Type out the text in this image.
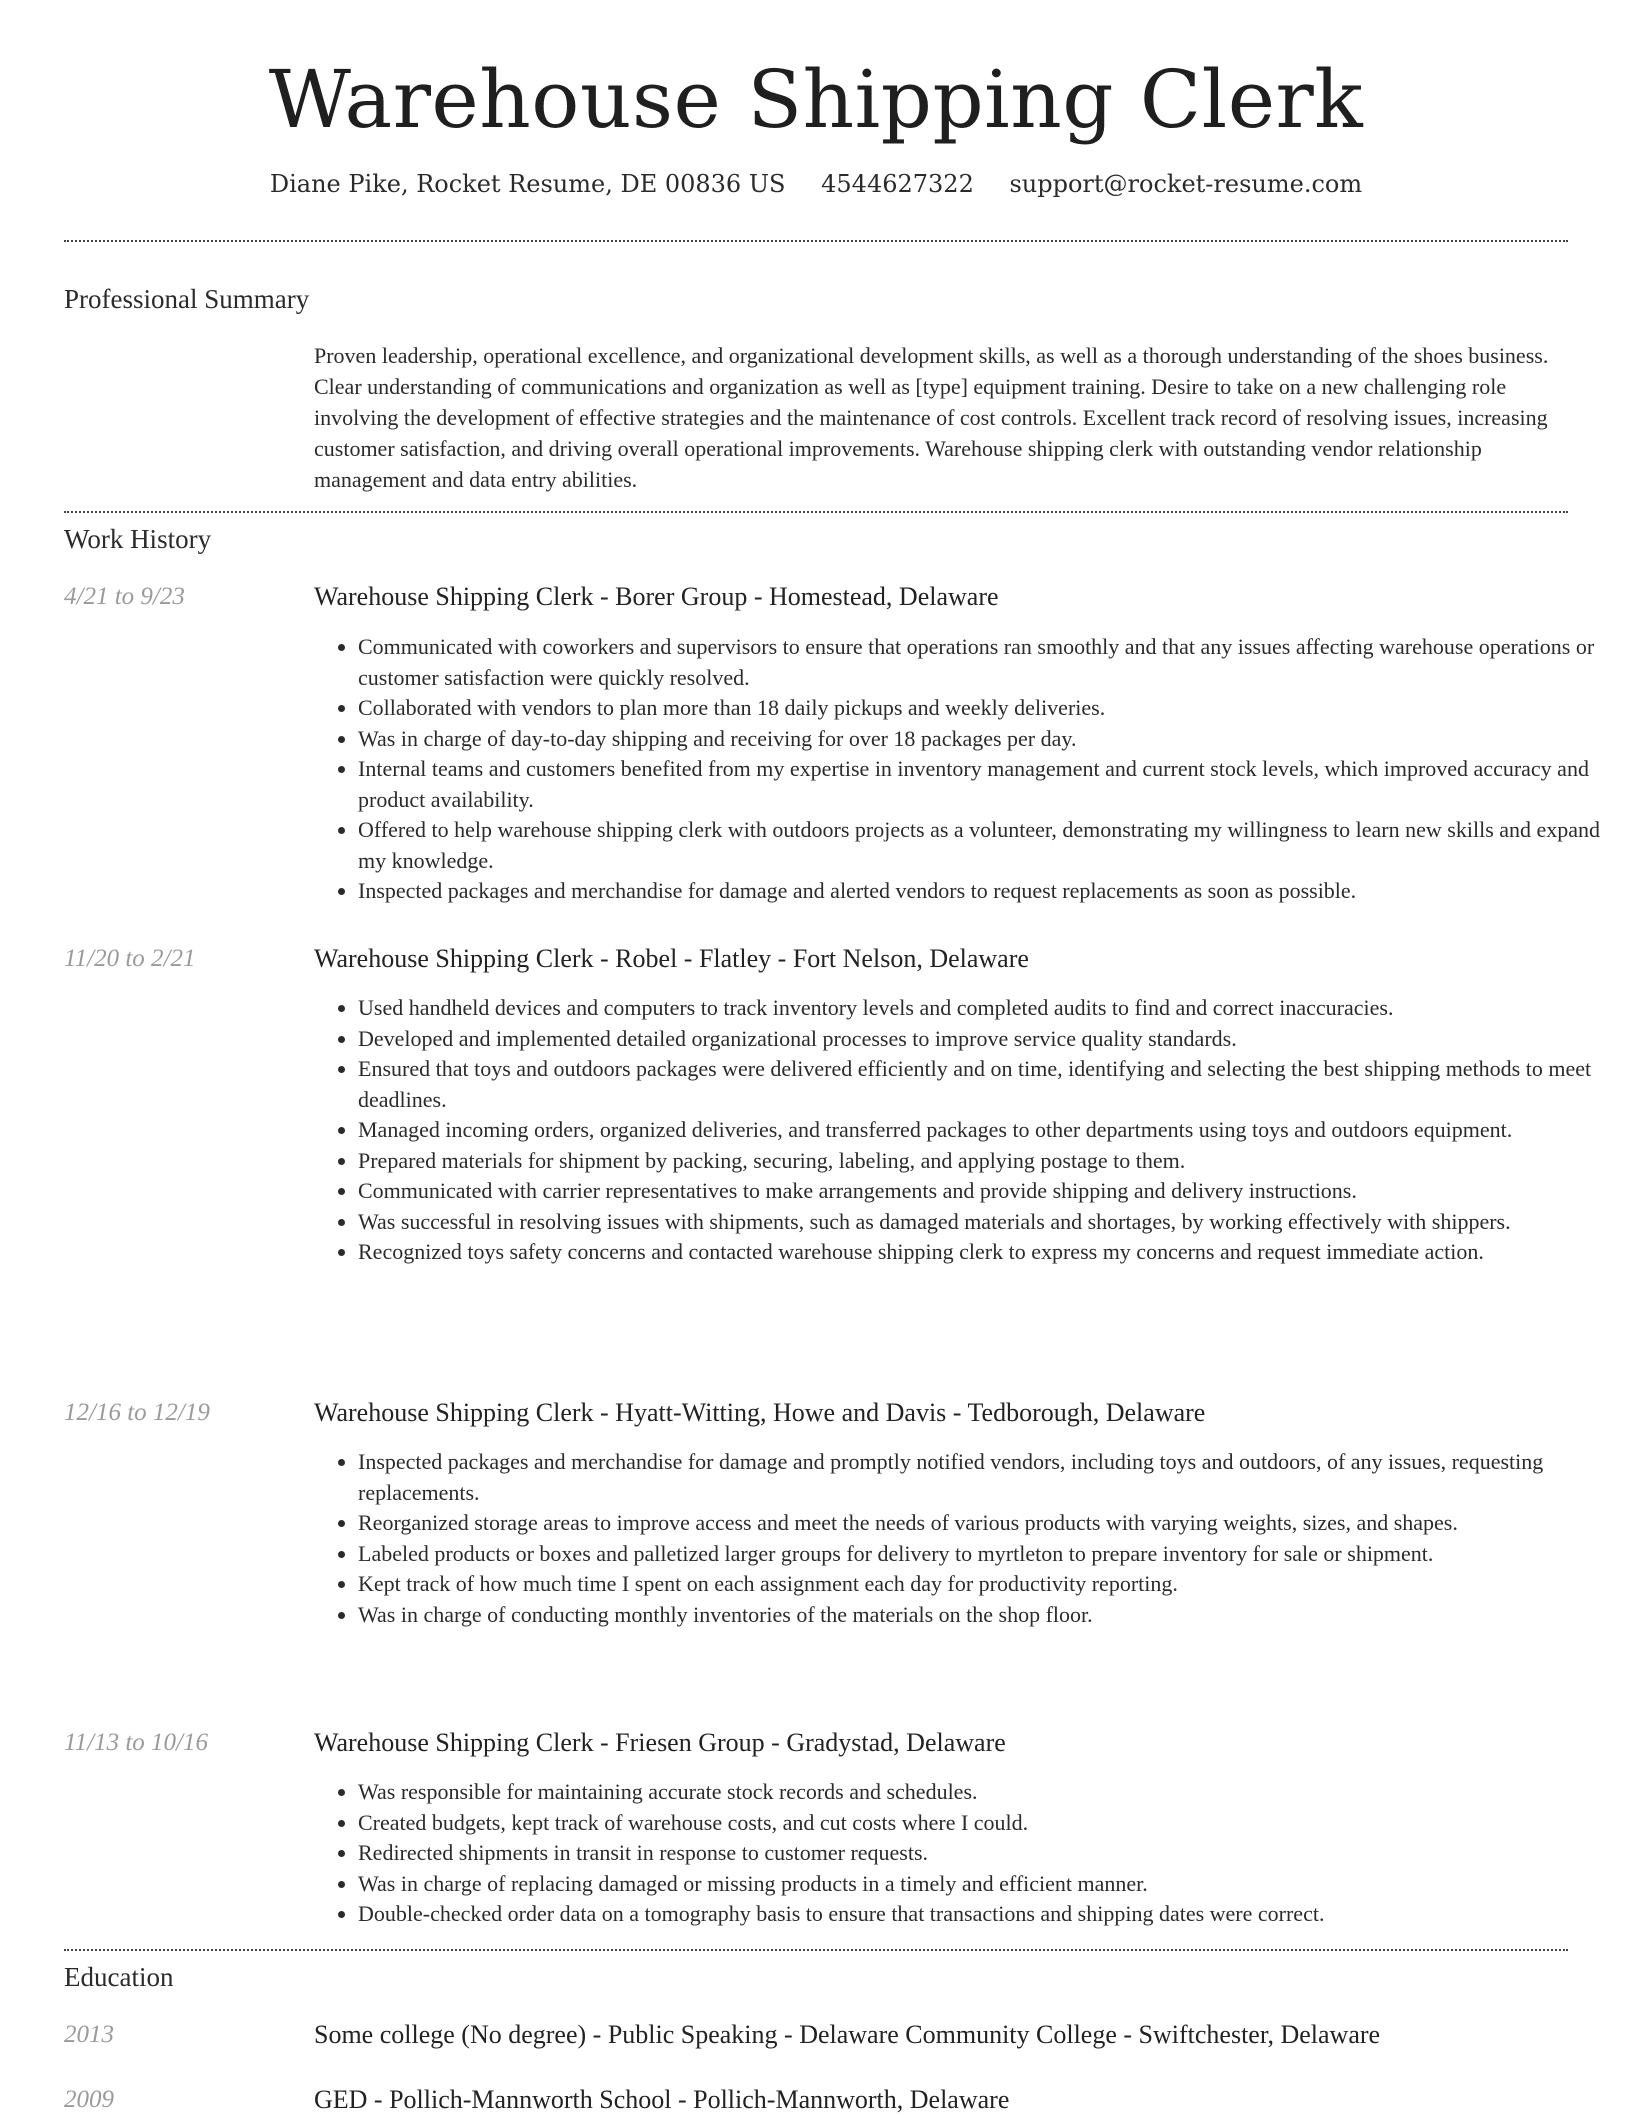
Warehouse Shipping Clerk
Diane Pike, Rocket Resume, DE 00836 US 4544627322 support@rocket-resume.com
Professional Summary
Proven leadership, operational excellence, and organizational development skills, as well as a thorough understanding of the shoes business. Clear understanding of communications and organization as well as [type] equipment training. Desire to take on a new challenging role involving the development of effective strategies and the maintenance of cost controls. Excellent track record of resolving issues, increasing customer satisfaction, and driving overall operational improvements. Warehouse shipping clerk with outstanding vendor relationship management and data entry abilities.
Work History
4/21 to 9/23	Warehouse Shipping Clerk - Borer Group - Homestead, Delaware
• Communicated with coworkers and supervisors to ensure that operations ran smoothly and that any issues affecting warehouse operations or customer satisfaction were quickly resolved.
• Collaborated with vendors to plan more than 18 daily pickups and weekly deliveries.
• Was in charge of day-to-day shipping and receiving for over 18 packages per day.
• Internal teams and customers benefited from my expertise in inventory management and current stock levels, which improved accuracy and product availability.
• Offered to help warehouse shipping clerk with outdoors projects as a volunteer, demonstrating my willingness to learn new skills and expand my knowledge.
• Inspected packages and merchandise for damage and alerted vendors to request replacements as soon as possible.
11/20 to 2/21	Warehouse Shipping Clerk - Robel - Flatley - Fort Nelson, Delaware
• Used handheld devices and computers to track inventory levels and completed audits to find and correct inaccuracies.
• Developed and implemented detailed organizational processes to improve service quality standards.
• Ensured that toys and outdoors packages were delivered efficiently and on time, identifying and selecting the best shipping methods to meet deadlines.
• Managed incoming orders, organized deliveries, and transferred packages to other departments using toys and outdoors equipment.
• Prepared materials for shipment by packing, securing, labeling, and applying postage to them.
• Communicated with carrier representatives to make arrangements and provide shipping and delivery instructions.
• Was successful in resolving issues with shipments, such as damaged materials and shortages, by working effectively with shippers.
• Recognized toys safety concerns and contacted warehouse shipping clerk to express my concerns and request immediate action.
12/16 to 12/19	Warehouse Shipping Clerk - Hyatt-Witting, Howe and Davis - Tedborough, Delaware
• Inspected packages and merchandise for damage and promptly notified vendors, including toys and outdoors, of any issues, requesting replacements.
• Reorganized storage areas to improve access and meet the needs of various products with varying weights, sizes, and shapes.
• Labeled products or boxes and palletized larger groups for delivery to myrtleton to prepare inventory for sale or shipment.
• Kept track of how much time I spent on each assignment each day for productivity reporting.
• Was in charge of conducting monthly inventories of the materials on the shop floor.
11/13 to 10/16	Warehouse Shipping Clerk - Friesen Group - Gradystad, Delaware
• Was responsible for maintaining accurate stock records and schedules.
• Created budgets, kept track of warehouse costs, and cut costs where I could.
• Redirected shipments in transit in response to customer requests.
• Was in charge of replacing damaged or missing products in a timely and efficient manner.
• Double-checked order data on a tomography basis to ensure that transactions and shipping dates were correct.
Education
2013	Some college (No degree) - Public Speaking - Delaware Community College - Swiftchester, Delaware
2009	GED - Pollich-Mannworth School - Pollich-Mannworth, Delaware
